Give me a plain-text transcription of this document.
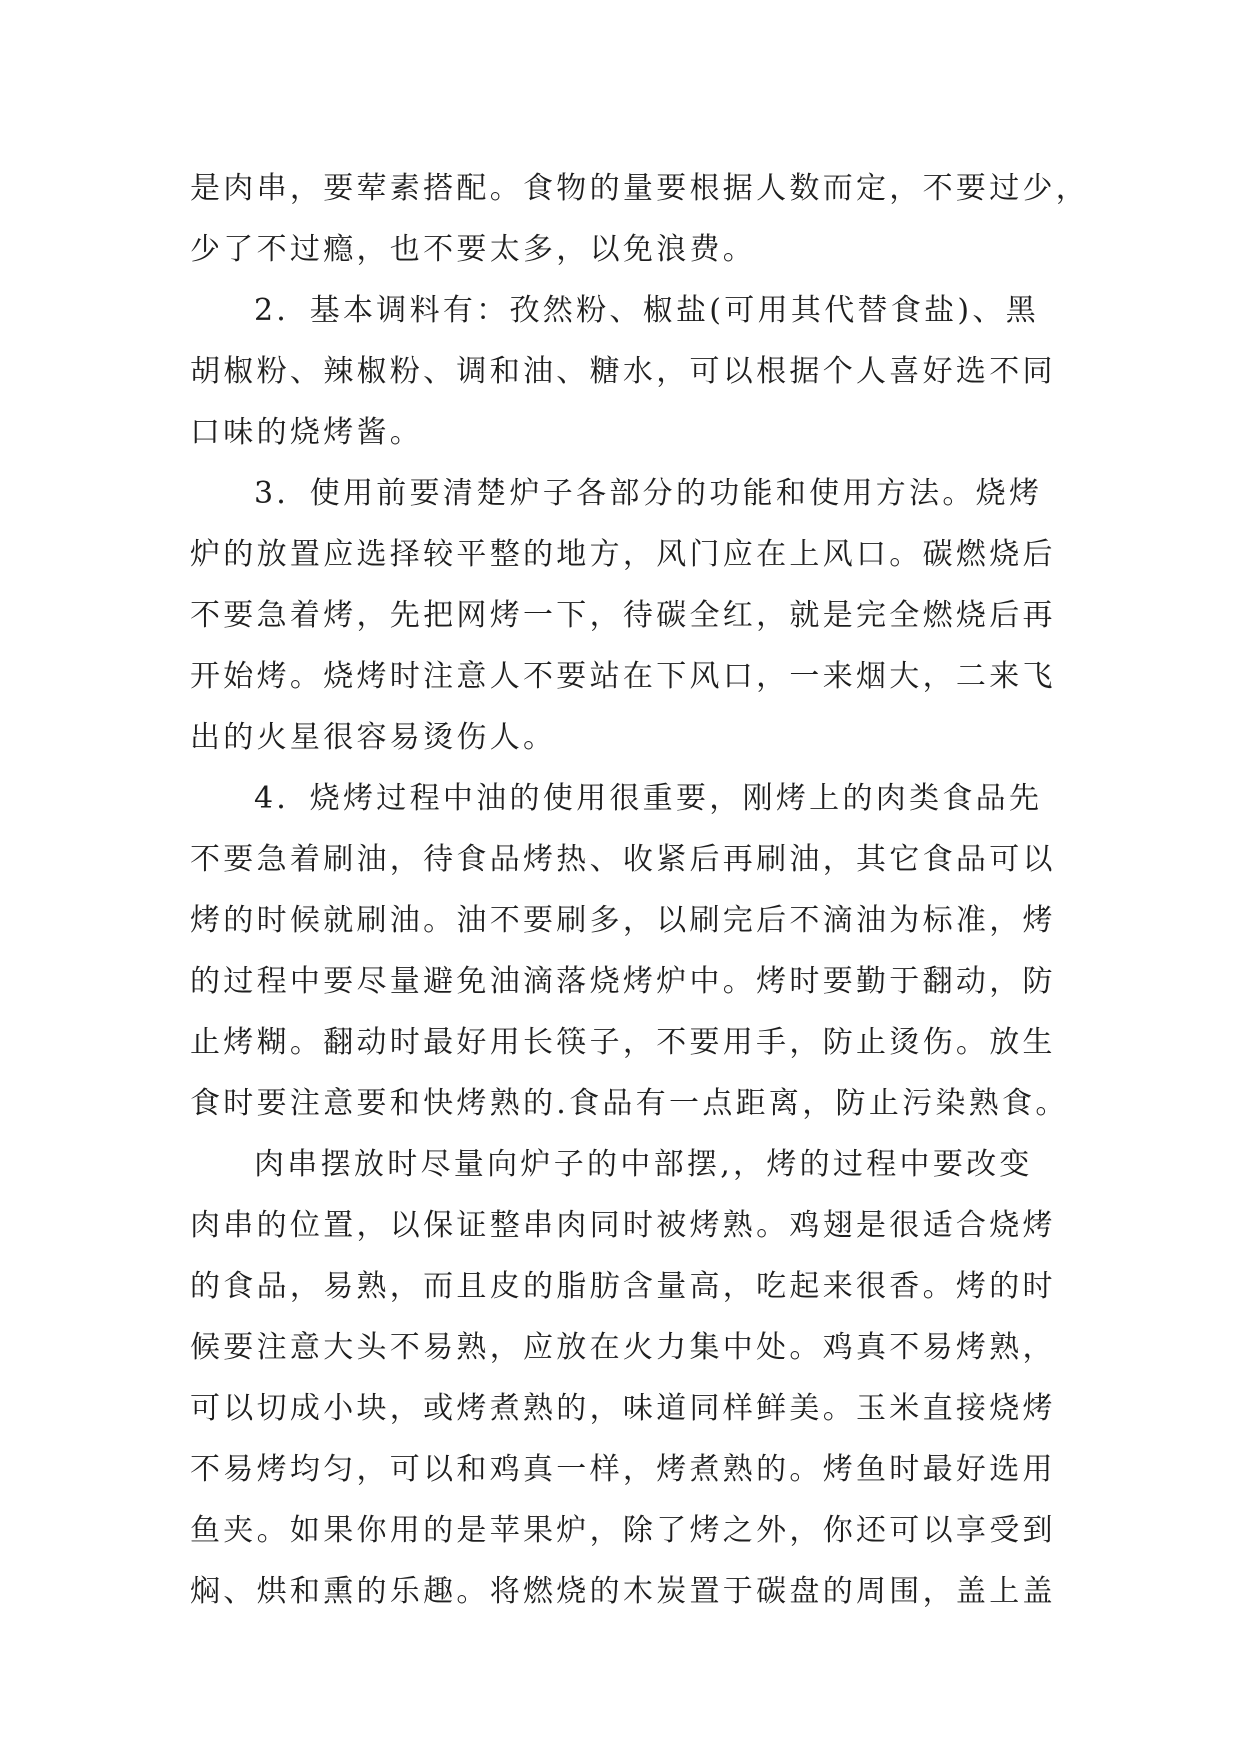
是肉串，要荤素搭配。食物的量要根据人数而定，不要过少，
少了不过瘾，也不要太多，以免浪费。
2．基本调料有：孜然粉、椒盐(可用其代替食盐)、黑
胡椒粉、辣椒粉、调和油、糖水，可以根据个人喜好选不同
口味的烧烤酱。
3．使用前要清楚炉子各部分的功能和使用方法。烧烤
炉的放置应选择较平整的地方，风门应在上风口。碳燃烧后
不要急着烤，先把网烤一下，待碳全红，就是完全燃烧后再
开始烤。烧烤时注意人不要站在下风口，一来烟大，二来飞
出的火星很容易烫伤人。
4．烧烤过程中油的使用很重要，刚烤上的肉类食品先
不要急着刷油，待食品烤热、收紧后再刷油，其它食品可以
烤的时候就刷油。油不要刷多，以刷完后不滴油为标准，烤
的过程中要尽量避免油滴落烧烤炉中。烤时要勤于翻动，防
止烤糊。翻动时最好用长筷子，不要用手，防止烫伤。放生
食时要注意要和快烤熟的.食品有一点距离，防止污染熟食。
肉串摆放时尽量向炉子的中部摆,，烤的过程中要改变
肉串的位置，以保证整串肉同时被烤熟。鸡翅是很适合烧烤
的食品，易熟，而且皮的脂肪含量高，吃起来很香。烤的时
候要注意大头不易熟，应放在火力集中处。鸡真不易烤熟，
可以切成小块，或烤煮熟的，味道同样鲜美。玉米直接烧烤
不易烤均匀，可以和鸡真一样，烤煮熟的。烤鱼时最好选用
鱼夹。如果你用的是苹果炉，除了烤之外，你还可以享受到
焖、烘和熏的乐趣。将燃烧的木炭置于碳盘的周围，盖上盖
